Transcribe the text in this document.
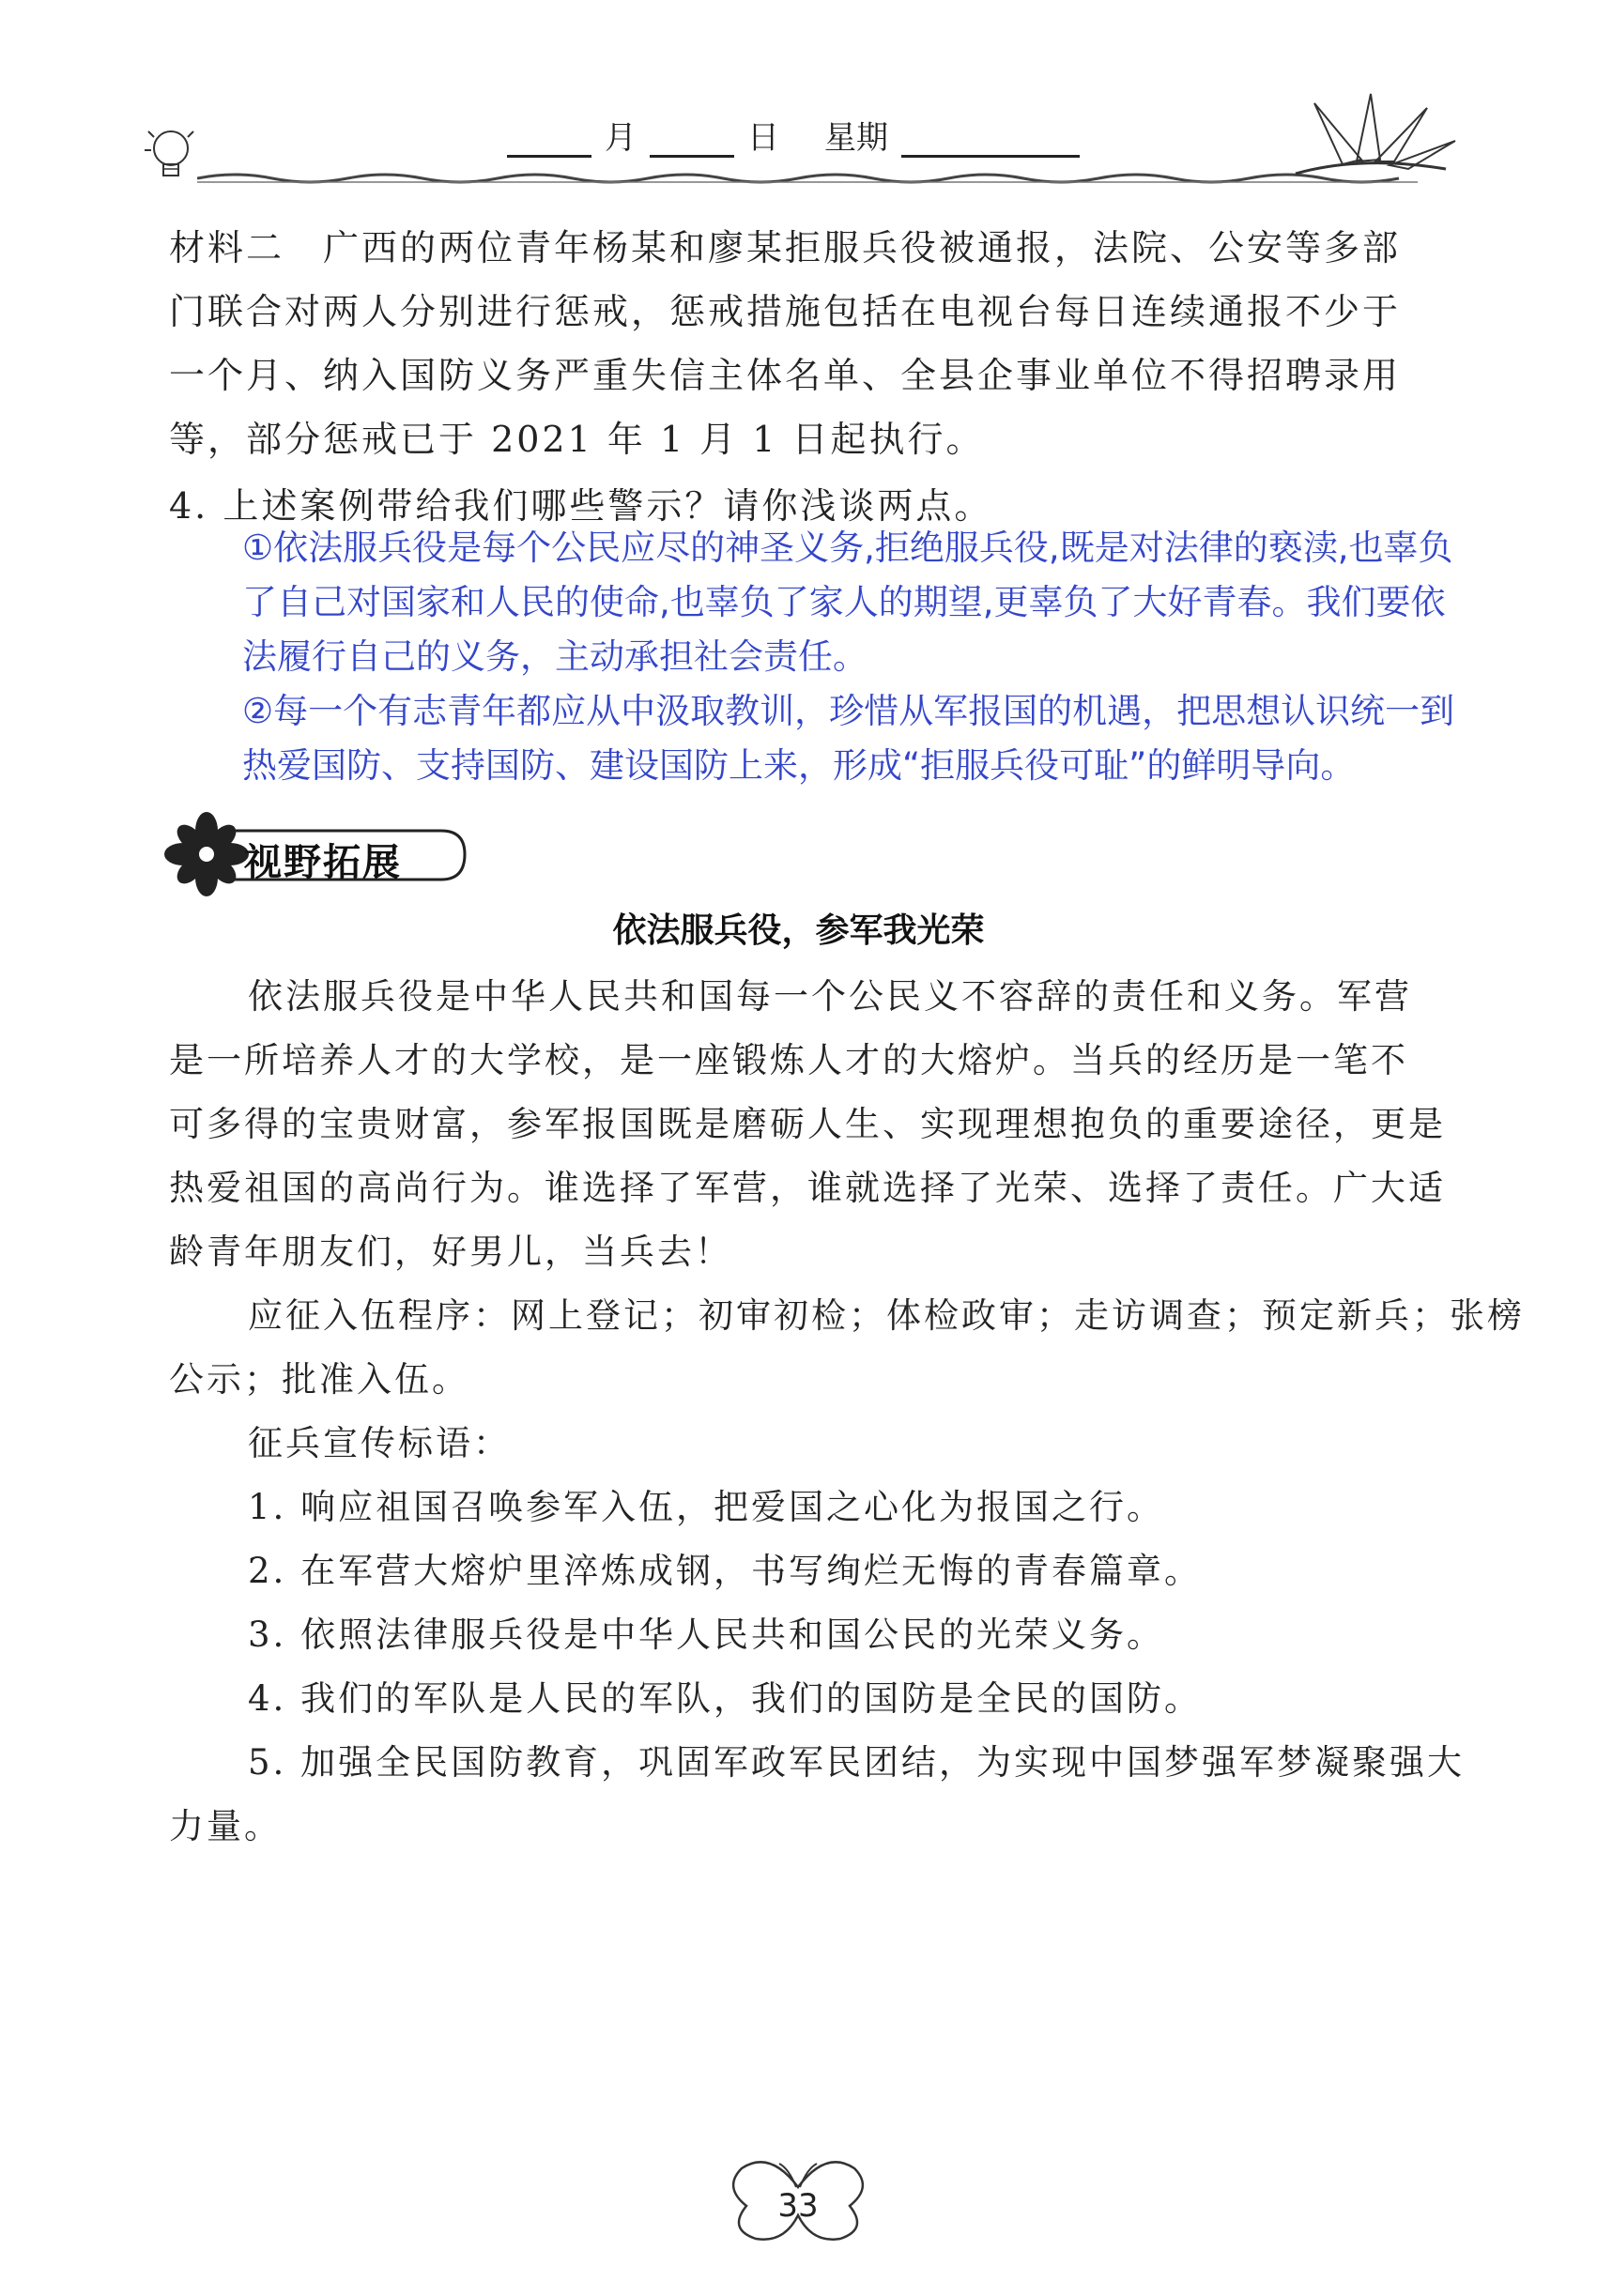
月	日 星期
材料二　广西的两位青年杨某和廖某拒服兵役被通报，法院、公安等多部
门联合对两人分别进行惩戒，惩戒措施包括在电视台每日连续通报不少于
一个月、纳入国防义务严重失信主体名单、全县企事业单位不得招聘录用
等，部分惩戒已于 2021 年 1 月 1 日起执行。
4. 上述案例带给我们哪些警示？请你浅谈两点。
①依法服兵役是每个公民应尽的神圣义务,拒绝服兵役,既是对法律的亵渎,也辜负
了自己对国家和人民的使命,也辜负了家人的期望,更辜负了大好青春。我们要依
法履行自己的义务，主动承担社会责任。
②每一个有志青年都应从中汲取教训，珍惜从军报国的机遇，把思想认识统一到
热爱国防、支持国防、建设国防上来，形成“拒服兵役可耻”的鲜明导向。
视野拓展
依法服兵役，参军我光荣
依法服兵役是中华人民共和国每一个公民义不容辞的责任和义务。军营
是一所培养人才的大学校，是一座锻炼人才的大熔炉。当兵的经历是一笔不
可多得的宝贵财富，参军报国既是磨砺人生、实现理想抱负的重要途径，更是
热爱祖国的高尚行为。谁选择了军营，谁就选择了光荣、选择了责任。广大适
龄青年朋友们，好男儿，当兵去！
应征入伍程序：网上登记；初审初检；体检政审；走访调查；预定新兵；张榜
公示；批准入伍。
征兵宣传标语：
1. 响应祖国召唤参军入伍，把爱国之心化为报国之行。
2. 在军营大熔炉里淬炼成钢，书写绚烂无悔的青春篇章。
3. 依照法律服兵役是中华人民共和国公民的光荣义务。
4. 我们的军队是人民的军队，我们的国防是全民的国防。
5. 加强全民国防教育，巩固军政军民团结，为实现中国梦强军梦凝聚强大
力量。
33
